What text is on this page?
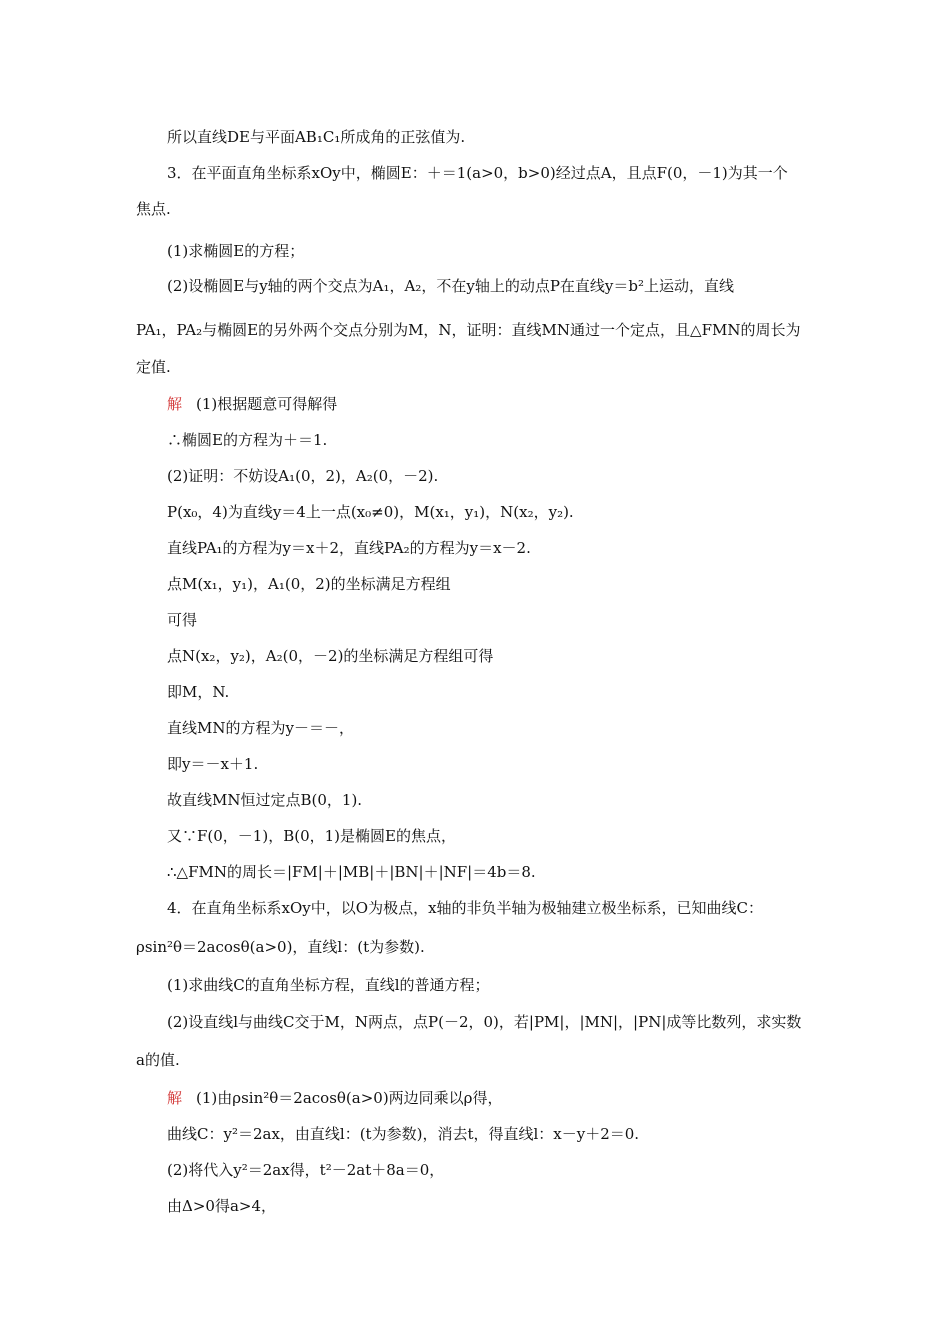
所以直线DE与平面AB₁C₁所成角的正弦值为.
3．在平面直角坐标系xOy中，椭圆E：＋＝1(a>0，b>0)经过点A，且点F(0，－1)为其一个
焦点.
(1)求椭圆E的方程；
(2)设椭圆E与y轴的两个交点为A₁，A₂，不在y轴上的动点P在直线y＝b²上运动，直线
PA₁，PA₂与椭圆E的另外两个交点分别为M，N，证明：直线MN通过一个定点，且△FMN的周长为
定值.
解 (1)根据题意可得解得
∴椭圆E的方程为＋＝1.
(2)证明：不妨设A₁(0，2)，A₂(0，－2).
P(x₀，4)为直线y＝4上一点(x₀≠0)，M(x₁，y₁)，N(x₂，y₂).
直线PA₁的方程为y＝x＋2，直线PA₂的方程为y＝x－2.
点M(x₁，y₁)，A₁(0，2)的坐标满足方程组
可得
点N(x₂，y₂)，A₂(0，－2)的坐标满足方程组可得
即M，N.
直线MN的方程为y－＝－，
即y＝－x＋1.
故直线MN恒过定点B(0，1).
又∵F(0，－1)，B(0，1)是椭圆E的焦点，
∴△FMN的周长＝|FM|＋|MB|＋|BN|＋|NF|＝4b＝8.
4．在直角坐标系xOy中，以O为极点，x轴的非负半轴为极轴建立极坐标系，已知曲线C：
ρsin²θ＝2acosθ(a>0)，直线l：(t为参数).
(1)求曲线C的直角坐标方程，直线l的普通方程；
(2)设直线l与曲线C交于M，N两点，点P(－2，0)，若|PM|，|MN|，|PN|成等比数列，求实数
a的值.
解 (1)由ρsin²θ＝2acosθ(a>0)两边同乘以ρ得，
曲线C：y²＝2ax，由直线l：(t为参数)，消去t，得直线l：x－y＋2＝0.
(2)将代入y²＝2ax得，t²－2at＋8a＝0，
由Δ>0得a>4，
